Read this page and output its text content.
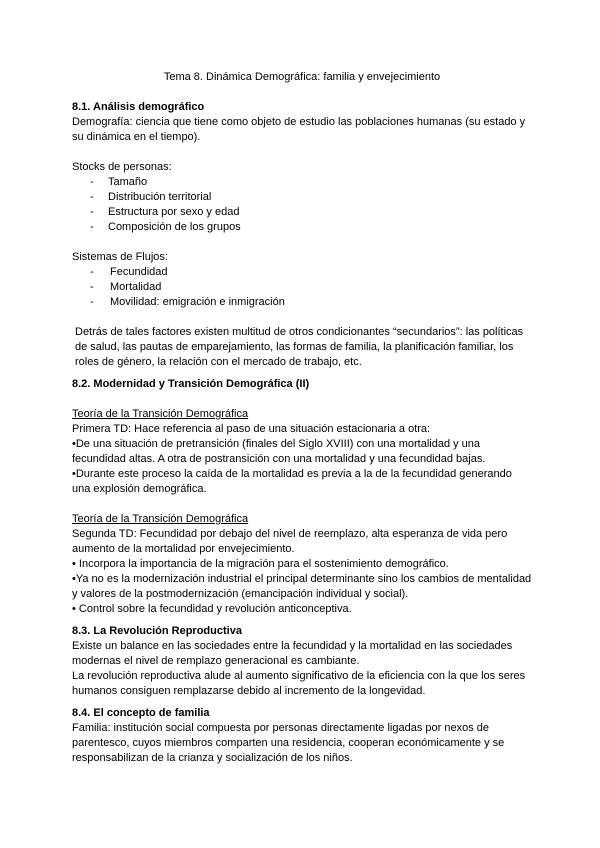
Tema 8. Dinámica Demográfica: familia y envejecimiento

8.1. Análisis demográfico

Demografía: ciencia que tiene como objeto de estudio las poblaciones humanas (su estado y su dinámica en el tiempo).

Stocks de personas:

- Tamaño
- Distribución territorial
- Estructura por sexo y edad
- Composición de los grupos

Sistemas de Flujos:

- Fecundidad
- Mortalidad
- Movilidad: emigración e inmigración

Detrás de tales factores existen multitud de otros condicionantes “secundarios”: las políticas de salud, las pautas de emparejamiento, las formas de familia, la planificación familiar, los roles de género, la relación con el mercado de trabajo, etc.

8.2. Modernidad y Transición Demográfica (II)

Teoría de la Transición Demográfica

Primera TD: Hace referencia al paso de una situación estacionaria a otra:

•De una situación de pretransición (finales del Siglo XVIII) con una mortalidad y una fecundidad altas. A otra de postransición con una mortalidad y una fecundidad bajas.

•Durante este proceso la caída de la mortalidad es previa a la de la fecundidad generando una explosión demográfica.

Teoría de la Transición Demográfica

Segunda TD: Fecundidad por debajo del nivel de reemplazo, alta esperanza de vida pero aumento de la mortalidad por envejecimiento.

• Incorpora la importancia de la migración para el sostenimiento demográfico.

•Ya no es la modernización industrial el principal determinante sino los cambios de mentalidad y valores de la postmodernización (emancipación individual y social).

• Control sobre la fecundidad y revolución anticonceptiva.

8.3. La Revolución Reproductiva

Existe un balance en las sociedades entre la fecundidad y la mortalidad en las sociedades modernas el nivel de remplazo generacional es cambiante.

La revolución reproductiva alude al aumento significativo de la eficiencia con la que los seres humanos consiguen remplazarse debido al incremento de la longevidad.

8.4. El concepto de familia

Familia: institución social compuesta por personas directamente ligadas por nexos de parentesco, cuyos miembros comparten una residencia, cooperan económicamente y se responsabilizan de la crianza y socialización de los niños.
